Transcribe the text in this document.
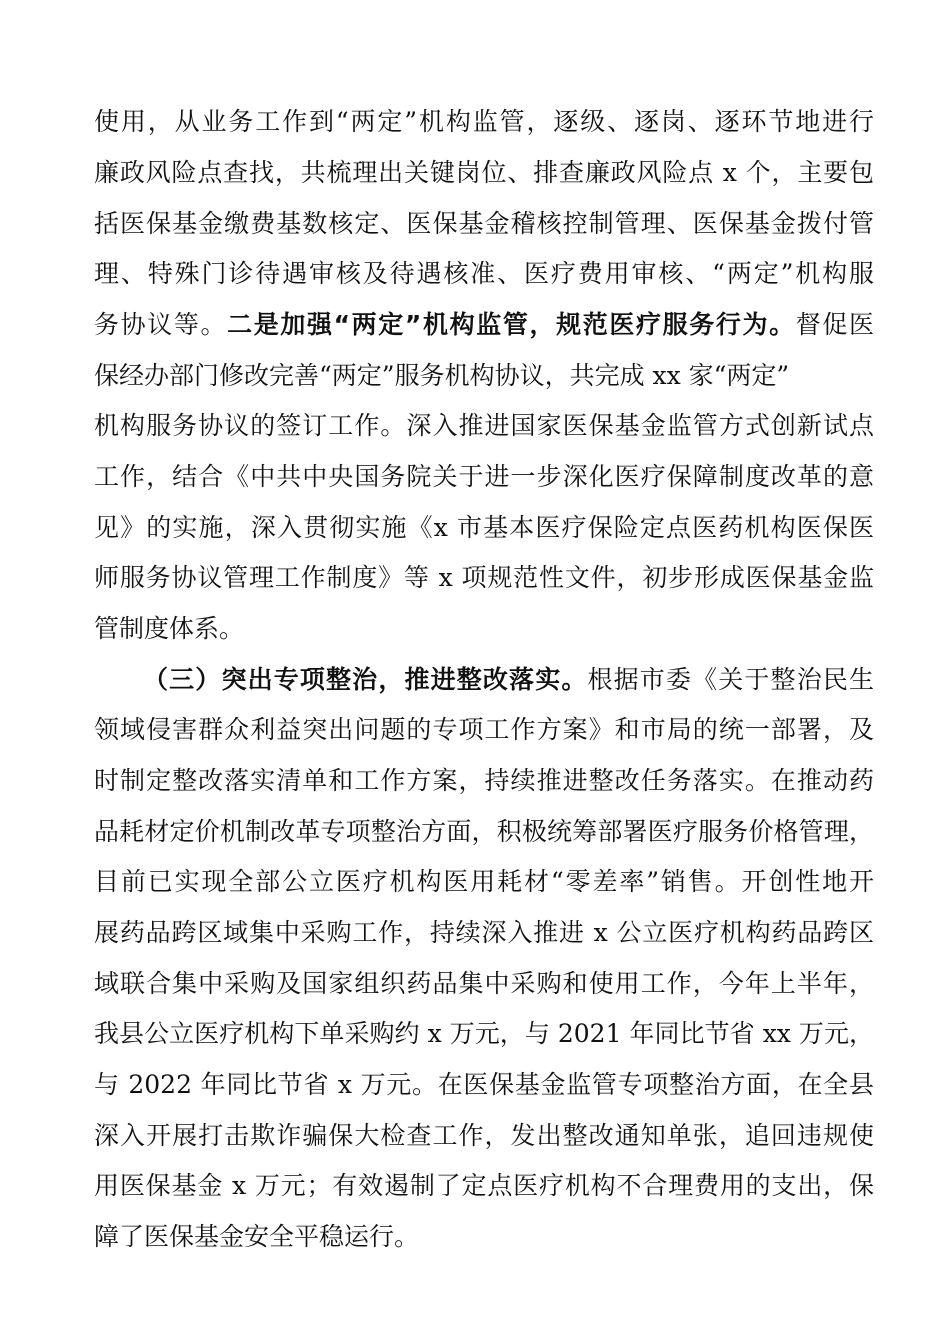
使用，从业务工作到“两定”机构监管，逐级、逐岗、逐环节地进行
廉政风险点查找，共梳理出关键岗位、排查廉政风险点 x 个，主要包
括医保基金缴费基数核定、医保基金稽核控制管理、医保基金拨付管
理、特殊门诊待遇审核及待遇核准、医疗费用审核、“两定”机构服
务协议等。二是加强“两定”机构监管，规范医疗服务行为。督促医
保经办部门修改完善“两定”服务机构协议，共完成 xx 家“两定”
机构服务协议的签订工作。深入推进国家医保基金监管方式创新试点
工作，结合《中共中央国务院关于进一步深化医疗保障制度改革的意
见》的实施，深入贯彻实施《x 市基本医疗保险定点医药机构医保医
师服务协议管理工作制度》等 x 项规范性文件，初步形成医保基金监
管制度体系。
（三）突出专项整治，推进整改落实。根据市委《关于整治民生
领域侵害群众利益突出问题的专项工作方案》和市局的统一部署，及
时制定整改落实清单和工作方案，持续推进整改任务落实。在推动药
品耗材定价机制改革专项整治方面，积极统筹部署医疗服务价格管理，
目前已实现全部公立医疗机构医用耗材“零差率”销售。开创性地开
展药品跨区域集中采购工作，持续深入推进 x 公立医疗机构药品跨区
域联合集中采购及国家组织药品集中采购和使用工作，今年上半年，
我县公立医疗机构下单采购约 x 万元，与 2021 年同比节省 xx 万元，
与 2022 年同比节省 x 万元。在医保基金监管专项整治方面，在全县
深入开展打击欺诈骗保大检查工作，发出整改通知单张，追回违规使
用医保基金 x 万元；有效遏制了定点医疗机构不合理费用的支出，保
障了医保基金安全平稳运行。
